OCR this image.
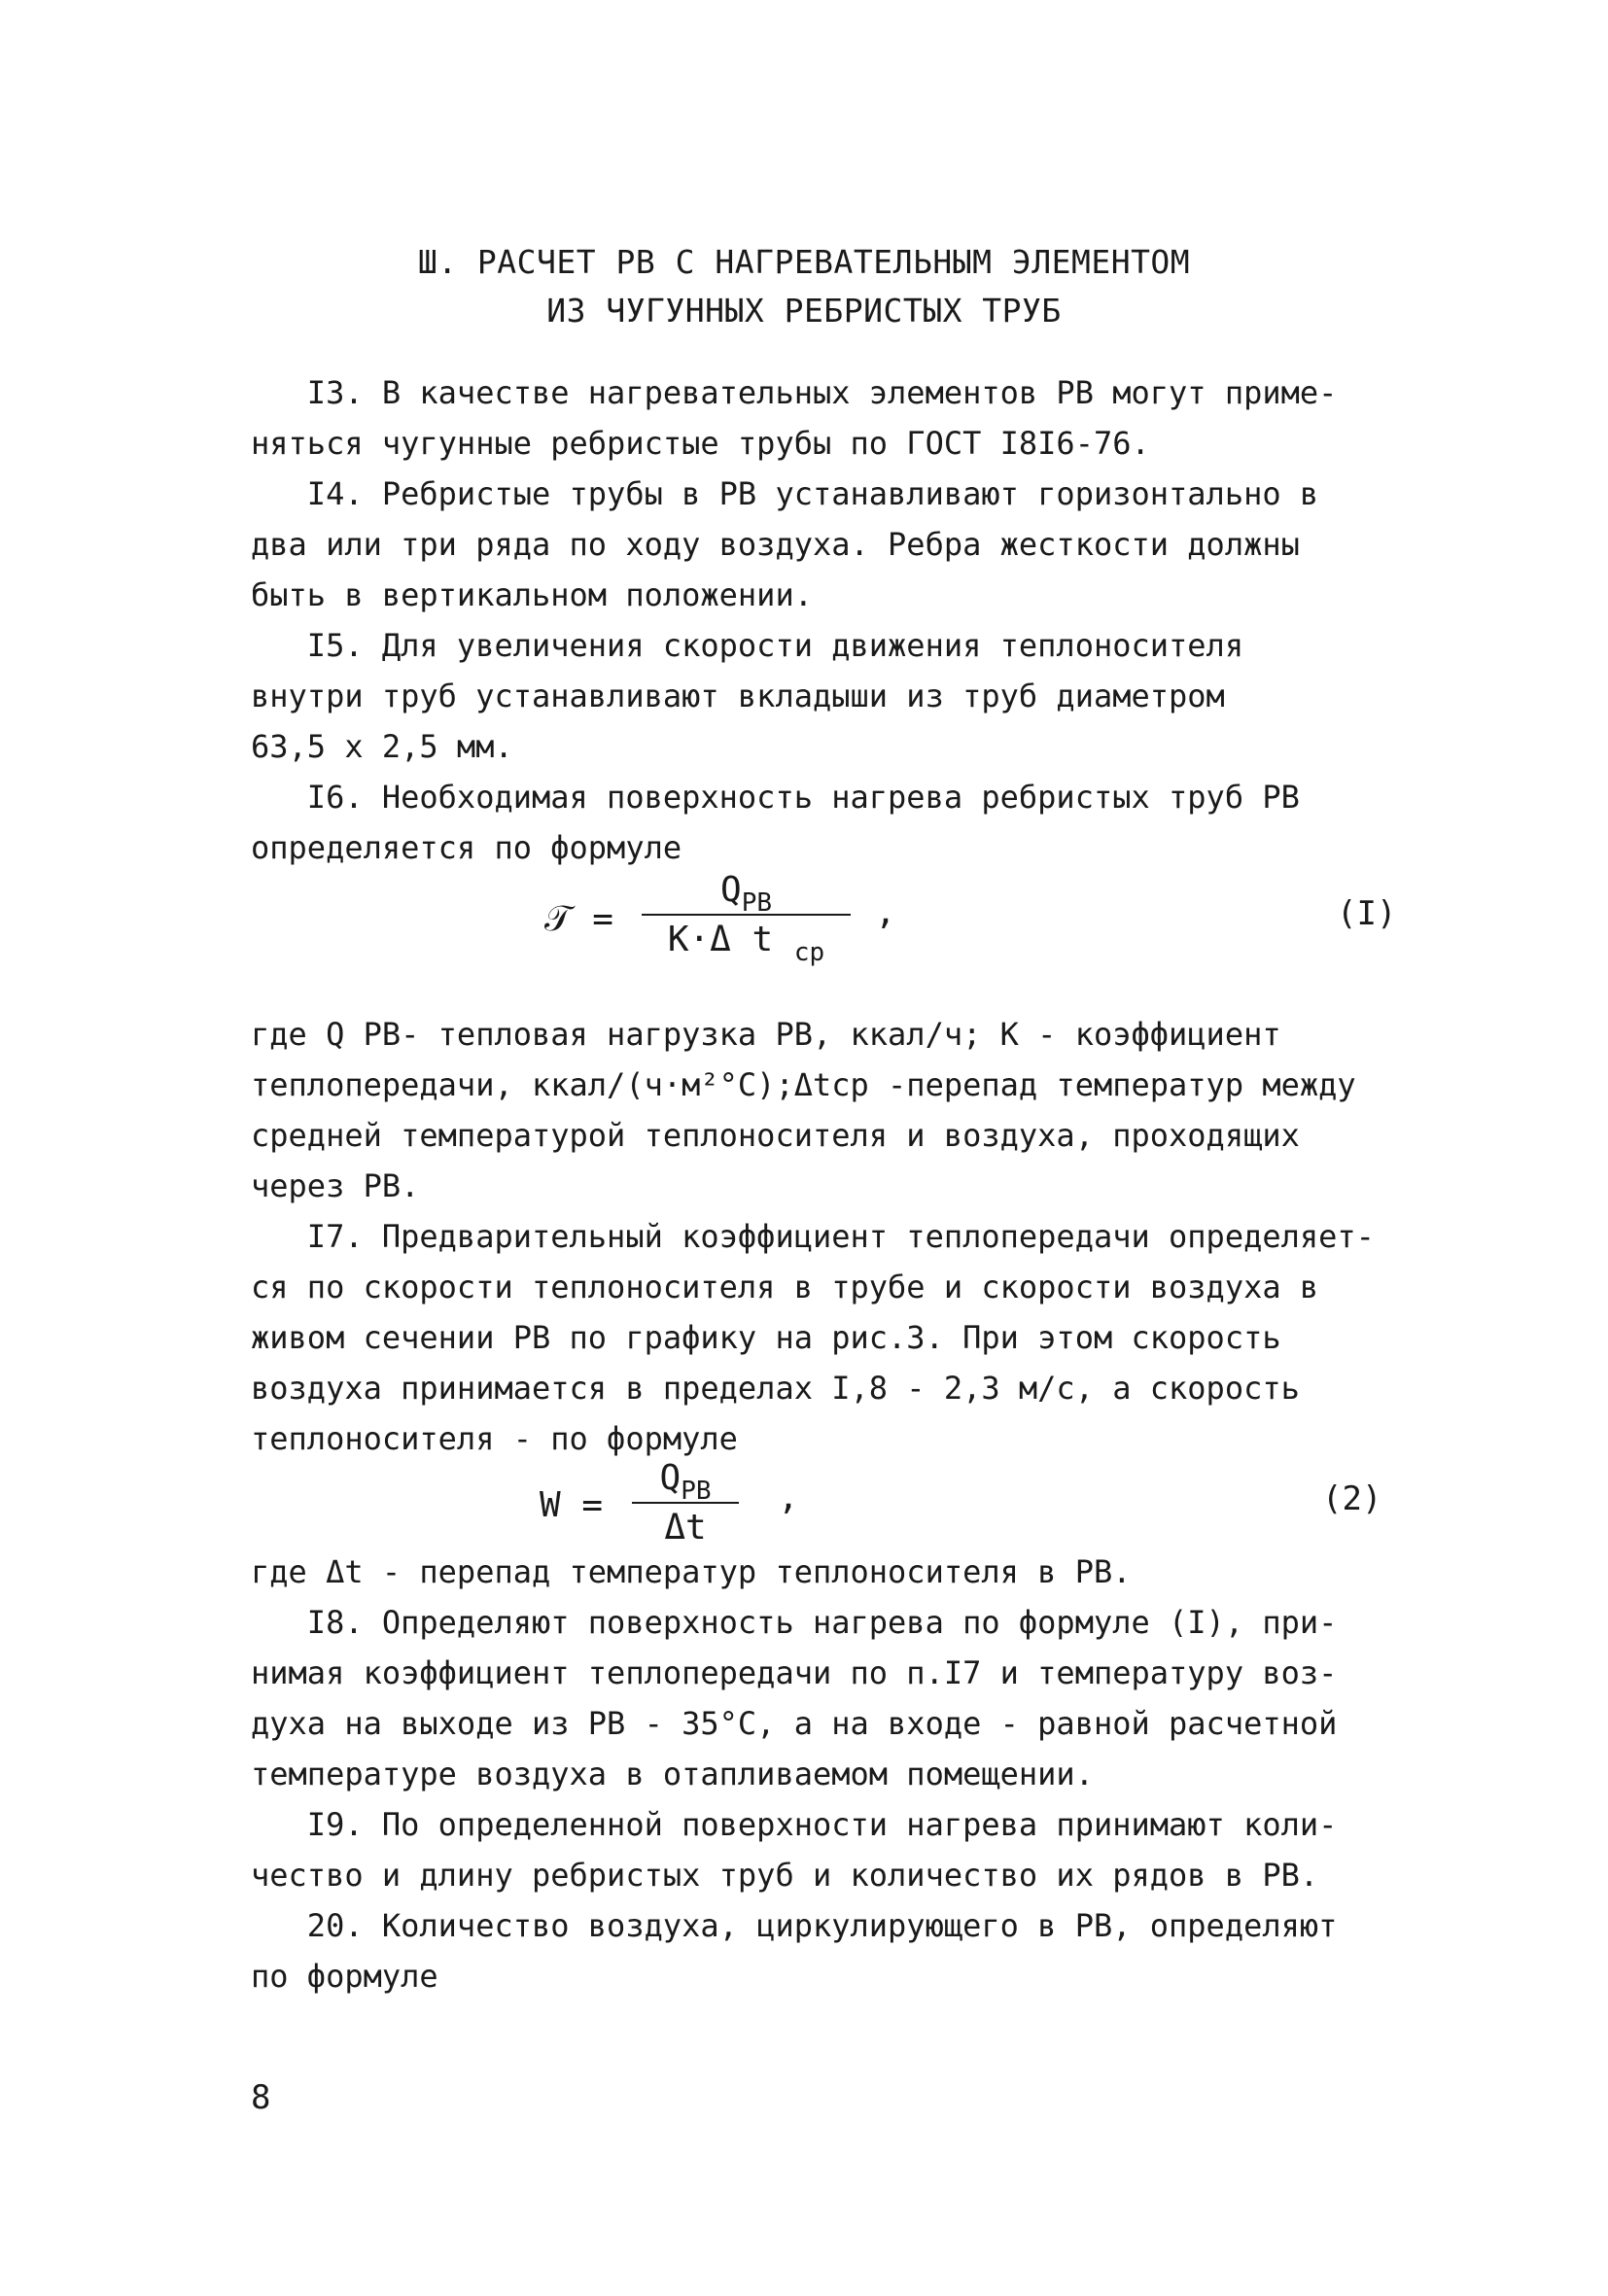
Ш. РАСЧЕТ РВ С НАГРЕВАТЕЛЬНЫМ ЭЛЕМЕНТОМ
ИЗ ЧУГУННЫХ РЕБРИСТЫХ ТРУБ
I3. В качестве нагревательных элементов РВ могут приме-
няться чугунные ребристые трубы по ГОСТ I8I6-76.
I4. Ребристые трубы в РВ устанавливают горизонтально в
два или три ряда по ходу воздуха. Ребра жесткости должны
быть в вертикальном положении.
I5. Для увеличения скорости движения теплоносителя
внутри труб устанавливают вкладыши из труб диаметром
63,5 х 2,5 мм.
I6. Необходимая поверхность нагрева ребристых труб РВ
определяется по формуле
𝒯 =
$Q_{РВ}$
К·Δ t $_{ср}$
,	(I)
где Q РВ- тепловая нагрузка РВ, ккал/ч; К - коэффициент
теплопередачи, ккал/(ч·м²°С);Δtср -перепад температур между
средней температурой теплоносителя и воздуха, проходящих
через РВ.
I7. Предварительный коэффициент теплопередачи определяет-
ся по скорости теплоносителя в трубе и скорости воздуха в
живом сечении РВ по графику на рис.3. При этом скорость
воздуха принимается в пределах I,8 - 2,3 м/с, а скорость
теплоносителя - по формуле
W =
$Q_{РВ}$
Δt
,	(2)
где Δt - перепад температур теплоносителя в РВ.
I8. Определяют поверхность нагрева по формуле (I), при-
нимая коэффициент теплопередачи по п.I7 и температуру воз-
духа на выходе из РВ - 35°С, а на входе - равной расчетной
температуре воздуха в отапливаемом помещении.
I9. По определенной поверхности нагрева принимают коли-
чество и длину ребристых труб и количество их рядов в РВ.
20. Количество воздуха, циркулирующего в РВ, определяют
по формуле
8
